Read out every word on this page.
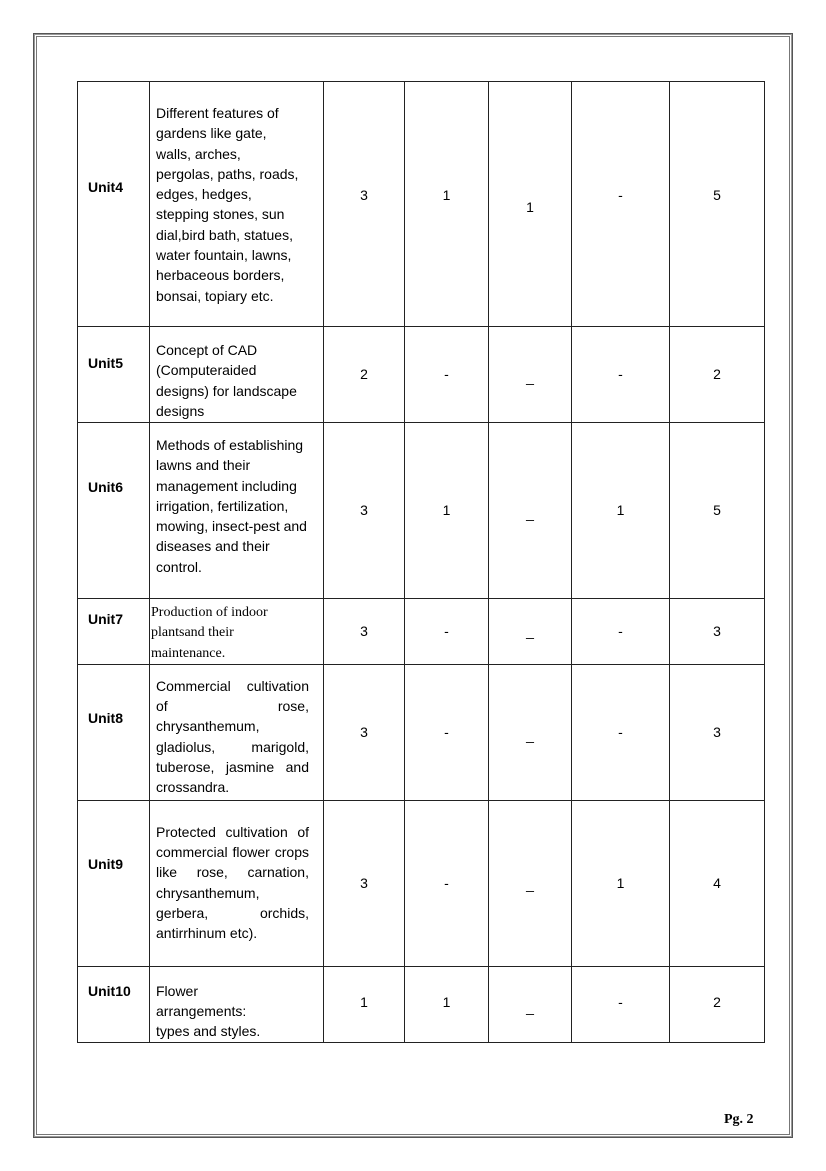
Unit4	Different features of gardens like gate, walls, arches, pergolas, paths, roads, edges, hedges, stepping stones, sun dial,bird bath, statues, water fountain, lawns, herbaceous borders, bonsai, topiary etc.	3	1	1	-	5

Unit5	Concept of CAD (Computeraided designs) for landscape designs	2	-	_	-	2

Unit6	Methods of establishing lawns and their management including irrigation, fertilization, mowing, insect-pest and diseases and their control.	3	1	_	1	5

Unit7	Production of indoor plantsand their maintenance.	3	-	_	-	3

Unit8	Commercial cultivation of rose, chrysanthemum, gladiolus, marigold, tuberose, jasmine and crossandra.	3	-	_	-	3

Unit9	Protected cultivation of commercial flower crops like rose, carnation, chrysanthemum, gerbera, orchids, antirrhinum etc).	3	-	_	1	4

Unit10	Flower arrangements: types and styles.	1	1	_	-	2
Pg. 2
